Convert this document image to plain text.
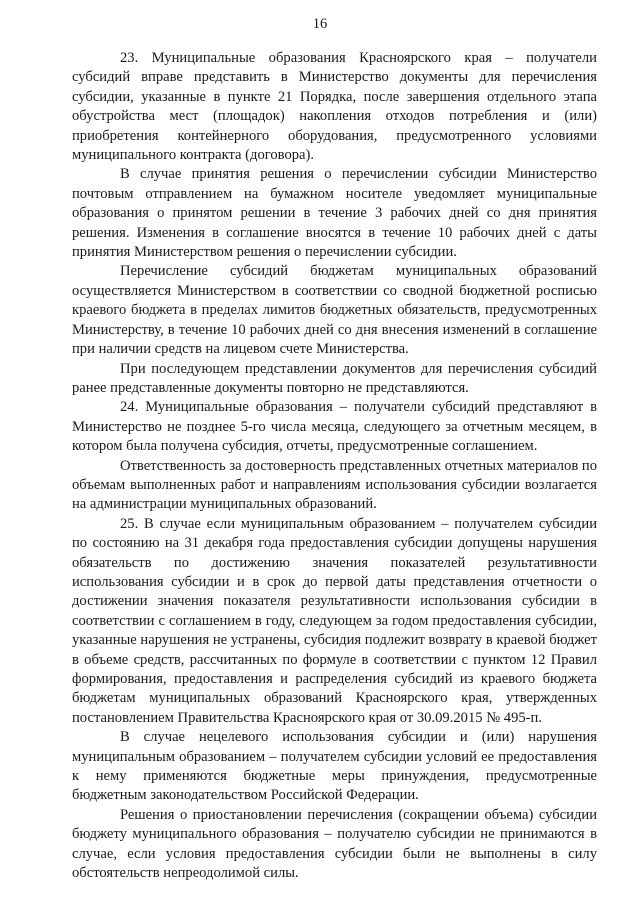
16

23. Муниципальные образования Красноярского края – получатели субсидий вправе представить в Министерство документы для перечисления субсидии, указанные в пункте 21 Порядка, после завершения отдельного этапа обустройства мест (площадок) накопления отходов потребления и (или) приобретения контейнерного оборудования, предусмотренного условиями муниципального контракта (договора).

В случае принятия решения о перечислении субсидии Министерство почтовым отправлением на бумажном носителе уведомляет муниципальные образования о принятом решении в течение 3 рабочих дней со дня принятия решения. Изменения в соглашение вносятся в течение 10 рабочих дней с даты принятия Министерством решения о перечислении субсидии.

Перечисление субсидий бюджетам муниципальных образований осуществляется Министерством в соответствии со сводной бюджетной росписью краевого бюджета в пределах лимитов бюджетных обязательств, предусмотренных Министерству, в течение 10 рабочих дней со дня внесения изменений в соглашение при наличии средств на лицевом счете Министерства.

При последующем представлении документов для перечисления субсидий ранее представленные документы повторно не представляются.

24. Муниципальные образования – получатели субсидий представляют в Министерство не позднее 5-го числа месяца, следующего за отчетным месяцем, в котором была получена субсидия, отчеты, предусмотренные соглашением.

Ответственность за достоверность представленных отчетных материалов по объемам выполненных работ и направлениям использования субсидии возлагается на администрации муниципальных образований.

25. В случае если муниципальным образованием – получателем субсидии по состоянию на 31 декабря года предоставления субсидии допущены нарушения обязательств по достижению значения показателей результативности использования субсидии и в срок до первой даты представления отчетности о достижении значения показателя результативности использования субсидии в соответствии с соглашением в году, следующем за годом предоставления субсидии, указанные нарушения не устранены, субсидия подлежит возврату в краевой бюджет в объеме средств, рассчитанных по формуле в соответствии с пунктом 12 Правил формирования, предоставления и распределения субсидий из краевого бюджета бюджетам муниципальных образований Красноярского края, утвержденных постановлением Правительства Красноярского края от 30.09.2015 № 495-п.

В случае нецелевого использования субсидии и (или) нарушения муниципальным образованием – получателем субсидии условий ее предоставления к нему применяются бюджетные меры принуждения, предусмотренные бюджетным законодательством Российской Федерации.

Решения о приостановлении перечисления (сокращении объема) субсидии бюджету муниципального образования – получателю субсидии не принимаются в случае, если условия предоставления субсидии были не выполнены в силу обстоятельств непреодолимой силы.
